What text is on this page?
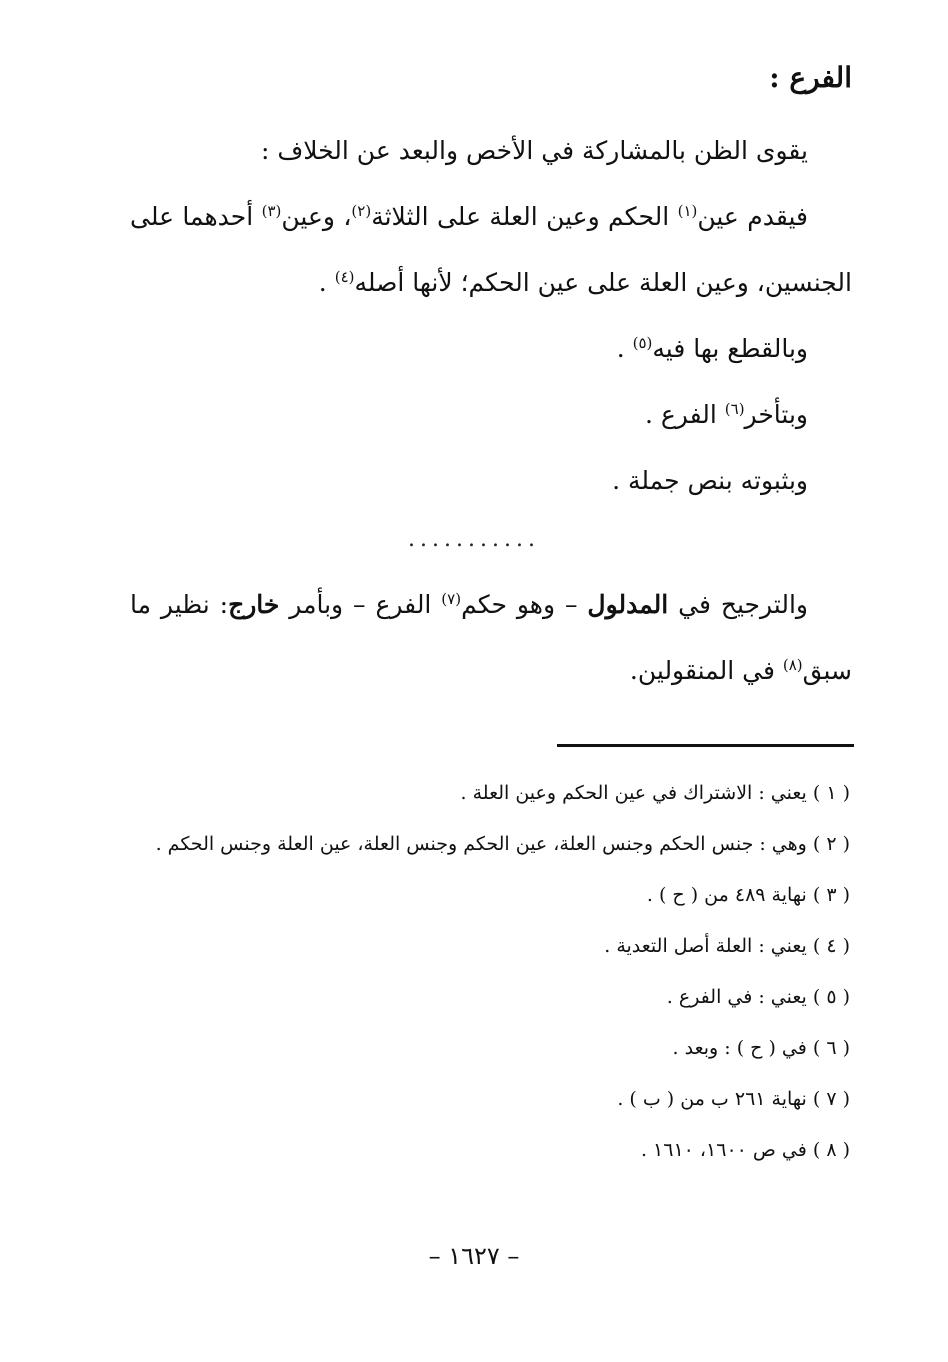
الفرع :
يقوى الظن بالمشاركة في الأخص والبعد عن الخلاف :
فيقدم عين$^{(١)}$ الحكم وعين العلة على الثلاثة$^{(٢)}$، وعين$^{(٣)}$ أحدهما على
الجنسين، وعين العلة على عين الحكم؛ لأنها أصله$^{(٤)}$ .
وبالقطع بها فيه$^{(٥)}$ .
وبتأخر$^{(٦)}$ الفرع .
وبثبوته بنص جملة .
...........
والترجيح في المدلول – وهو حكم$^{(٧)}$ الفرع – وبأمر خارج: نظير ما
سبق$^{(٨)}$ في المنقولين.
( ١ ) يعني : الاشتراك في عين الحكم وعين العلة .
( ٢ ) وهي : جنس الحكم وجنس العلة، عين الحكم وجنس العلة، عين العلة وجنس الحكم .
( ٣ ) نهاية ٤٨٩ من ( ح ) .
( ٤ ) يعني : العلة أصل التعدية .
( ٥ ) يعني : في الفرع .
( ٦ ) في ( ح ) : وبعد .
( ٧ ) نهاية ٢٦١ ب من ( ب ) .
( ٨ ) في ص ١٦٠٠، ١٦١٠ .
– ١٦٢٧ –
